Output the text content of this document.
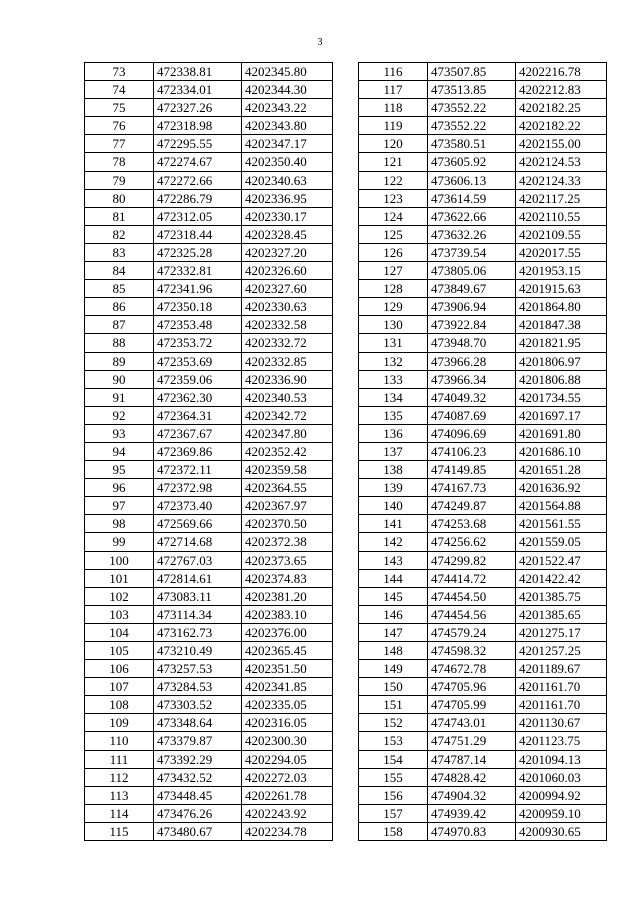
3
73	472338.81	4202345.80
74	472334.01	4202344.30
75	472327.26	4202343.22
76	472318.98	4202343.80
77	472295.55	4202347.17
78	472274.67	4202350.40
79	472272.66	4202340.63
80	472286.79	4202336.95
81	472312.05	4202330.17
82	472318.44	4202328.45
83	472325.28	4202327.20
84	472332.81	4202326.60
85	472341.96	4202327.60
86	472350.18	4202330.63
87	472353.48	4202332.58
88	472353.72	4202332.72
89	472353.69	4202332.85
90	472359.06	4202336.90
91	472362.30	4202340.53
92	472364.31	4202342.72
93	472367.67	4202347.80
94	472369.86	4202352.42
95	472372.11	4202359.58
96	472372.98	4202364.55
97	472373.40	4202367.97
98	472569.66	4202370.50
99	472714.68	4202372.38
100	472767.03	4202373.65
101	472814.61	4202374.83
102	473083.11	4202381.20
103	473114.34	4202383.10
104	473162.73	4202376.00
105	473210.49	4202365.45
106	473257.53	4202351.50
107	473284.53	4202341.85
108	473303.52	4202335.05
109	473348.64	4202316.05
110	473379.87	4202300.30
111	473392.29	4202294.05
112	473432.52	4202272.03
113	473448.45	4202261.78
114	473476.26	4202243.92
115	473480.67	4202234.78
116	473507.85	4202216.78
117	473513.85	4202212.83
118	473552.22	4202182.25
119	473552.22	4202182.22
120	473580.51	4202155.00
121	473605.92	4202124.53
122	473606.13	4202124.33
123	473614.59	4202117.25
124	473622.66	4202110.55
125	473632.26	4202109.55
126	473739.54	4202017.55
127	473805.06	4201953.15
128	473849.67	4201915.63
129	473906.94	4201864.80
130	473922.84	4201847.38
131	473948.70	4201821.95
132	473966.28	4201806.97
133	473966.34	4201806.88
134	474049.32	4201734.55
135	474087.69	4201697.17
136	474096.69	4201691.80
137	474106.23	4201686.10
138	474149.85	4201651.28
139	474167.73	4201636.92
140	474249.87	4201564.88
141	474253.68	4201561.55
142	474256.62	4201559.05
143	474299.82	4201522.47
144	474414.72	4201422.42
145	474454.50	4201385.75
146	474454.56	4201385.65
147	474579.24	4201275.17
148	474598.32	4201257.25
149	474672.78	4201189.67
150	474705.96	4201161.70
151	474705.99	4201161.70
152	474743.01	4201130.67
153	474751.29	4201123.75
154	474787.14	4201094.13
155	474828.42	4201060.03
156	474904.32	4200994.92
157	474939.42	4200959.10
158	474970.83	4200930.65
